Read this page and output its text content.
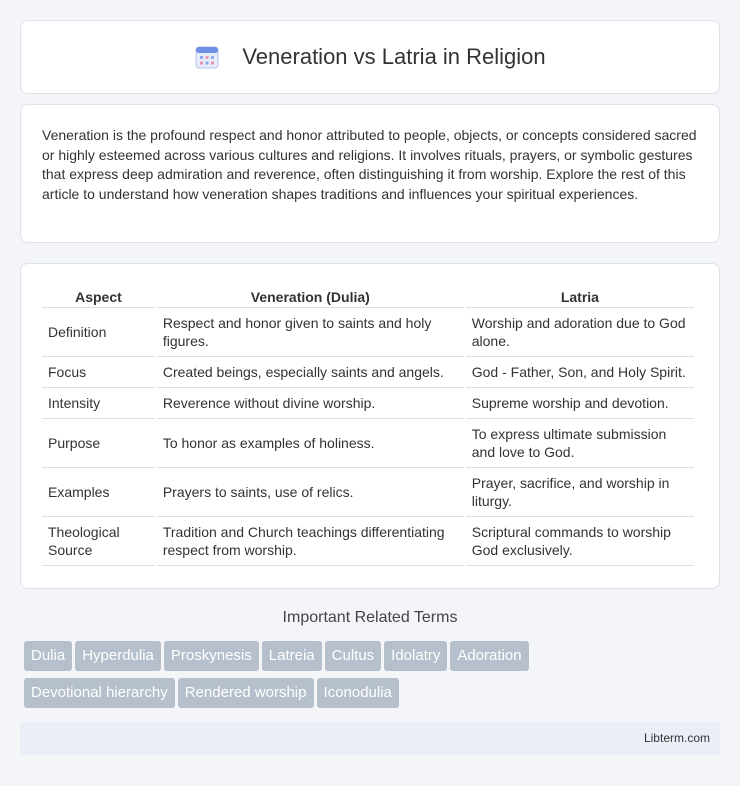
Veneration vs Latria in Religion

Veneration is the profound respect and honor attributed to people, objects, or concepts considered sacred or highly esteemed across various cultures and religions. It involves rituals, prayers, or symbolic gestures that express deep admiration and reverence, often distinguishing it from worship. Explore the rest of this article to understand how veneration shapes traditions and influences your spiritual experiences.

Aspect	Veneration (Dulia)	Latria
Definition	Respect and honor given to saints and holy figures.	Worship and adoration due to God alone.
Focus	Created beings, especially saints and angels.	God - Father, Son, and Holy Spirit.
Intensity	Reverence without divine worship.	Supreme worship and devotion.
Purpose	To honor as examples of holiness.	To express ultimate submission and love to God.
Examples	Prayers to saints, use of relics.	Prayer, sacrifice, and worship in liturgy.
Theological Source	Tradition and Church teachings differentiating respect from worship.	Scriptural commands to worship God exclusively.
Important Related Terms
Dulia Hyperdulia Proskynesis Latreia Cultus Idolatry Adoration
Devotional hierarchy Rendered worship Iconodulia
Libterm.com
